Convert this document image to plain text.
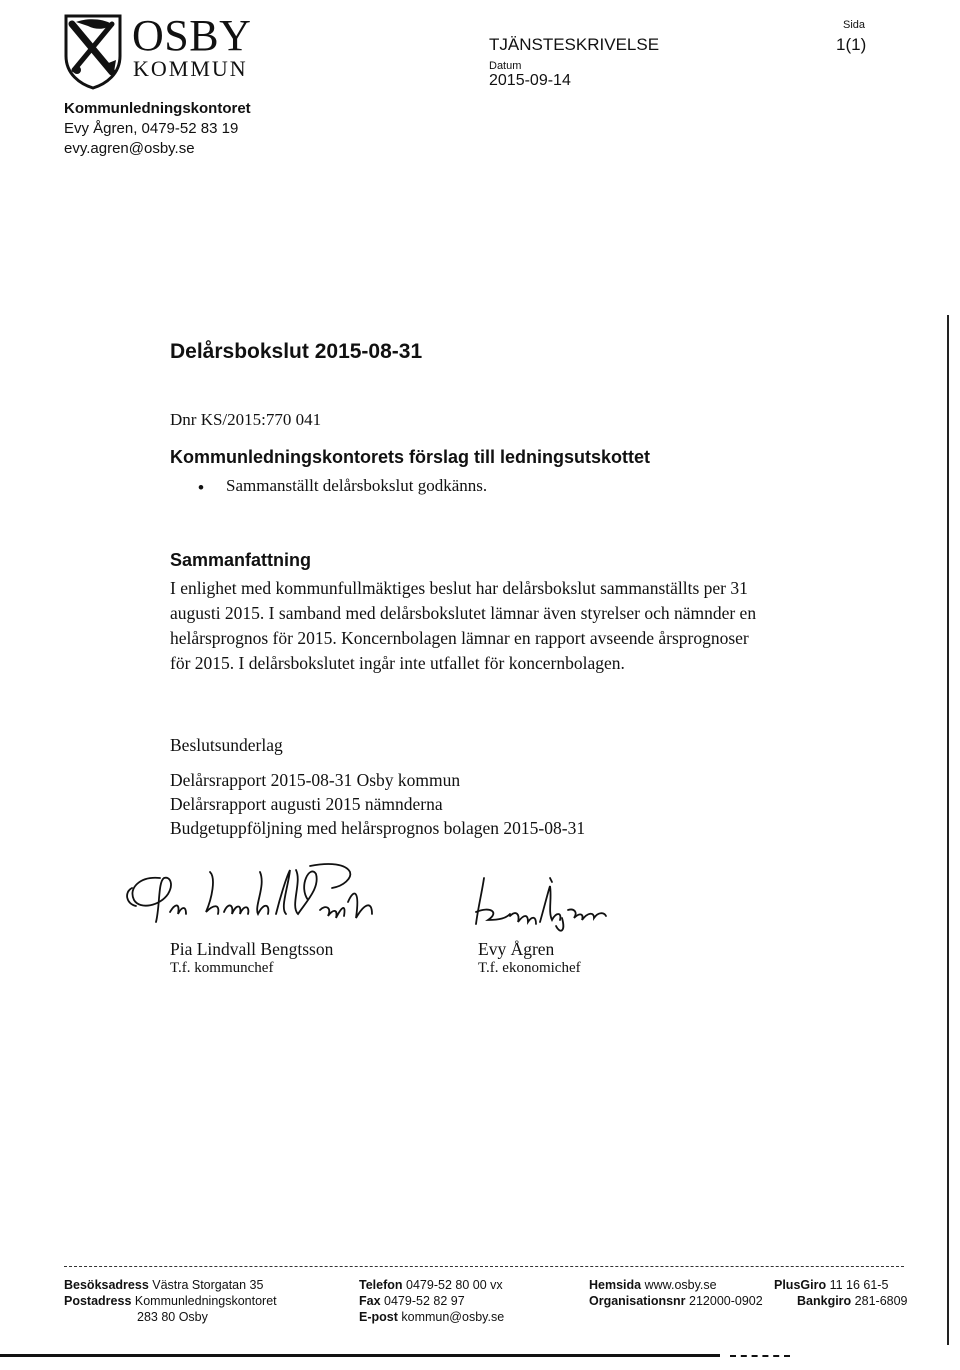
OSBY
KOMMUN
TJÄNSTESKRIVELSE
Datum
2015-09-14
Sida
1(1)
Kommunledningskontoret
Evy Ågren, 0479-52 83 19
evy.agren@osby.se
Delårsbokslut 2015-08-31
Dnr KS/2015:770 041
Kommunledningskontorets förslag till ledningsutskottet
• Sammanställt delårsbokslut godkänns.
Sammanfattning
I enlighet med kommunfullmäktiges beslut har delårsbokslut sammanställts per 31 augusti 2015. I samband med delårsbokslutet lämnar även styrelser och nämnder en helårsprognos för 2015. Koncernbolagen lämnar en rapport avseende årsprognoser för 2015. I delårsbokslutet ingår inte utfallet för koncernbolagen.
Beslutsunderlag
Delårsrapport 2015-08-31 Osby kommun
Delårsrapport augusti 2015 nämnderna
Budgetuppföljning med helårsprognos bolagen 2015-08-31
Pia Lindvall Bengtsson
T.f. kommunchef
Evy Ågren
T.f. ekonomichef
Besöksadress Västra Storgatan 35
Postadress Kommunledningskontoret
283 80 Osby
Telefon 0479-52 80 00 vx
Fax 0479-52 82 97
E-post kommun@osby.se
Hemsida www.osby.se
Organisationsnr 212000-0902
PlusGiro 11 16 61-5
Bankgiro 281-6809
